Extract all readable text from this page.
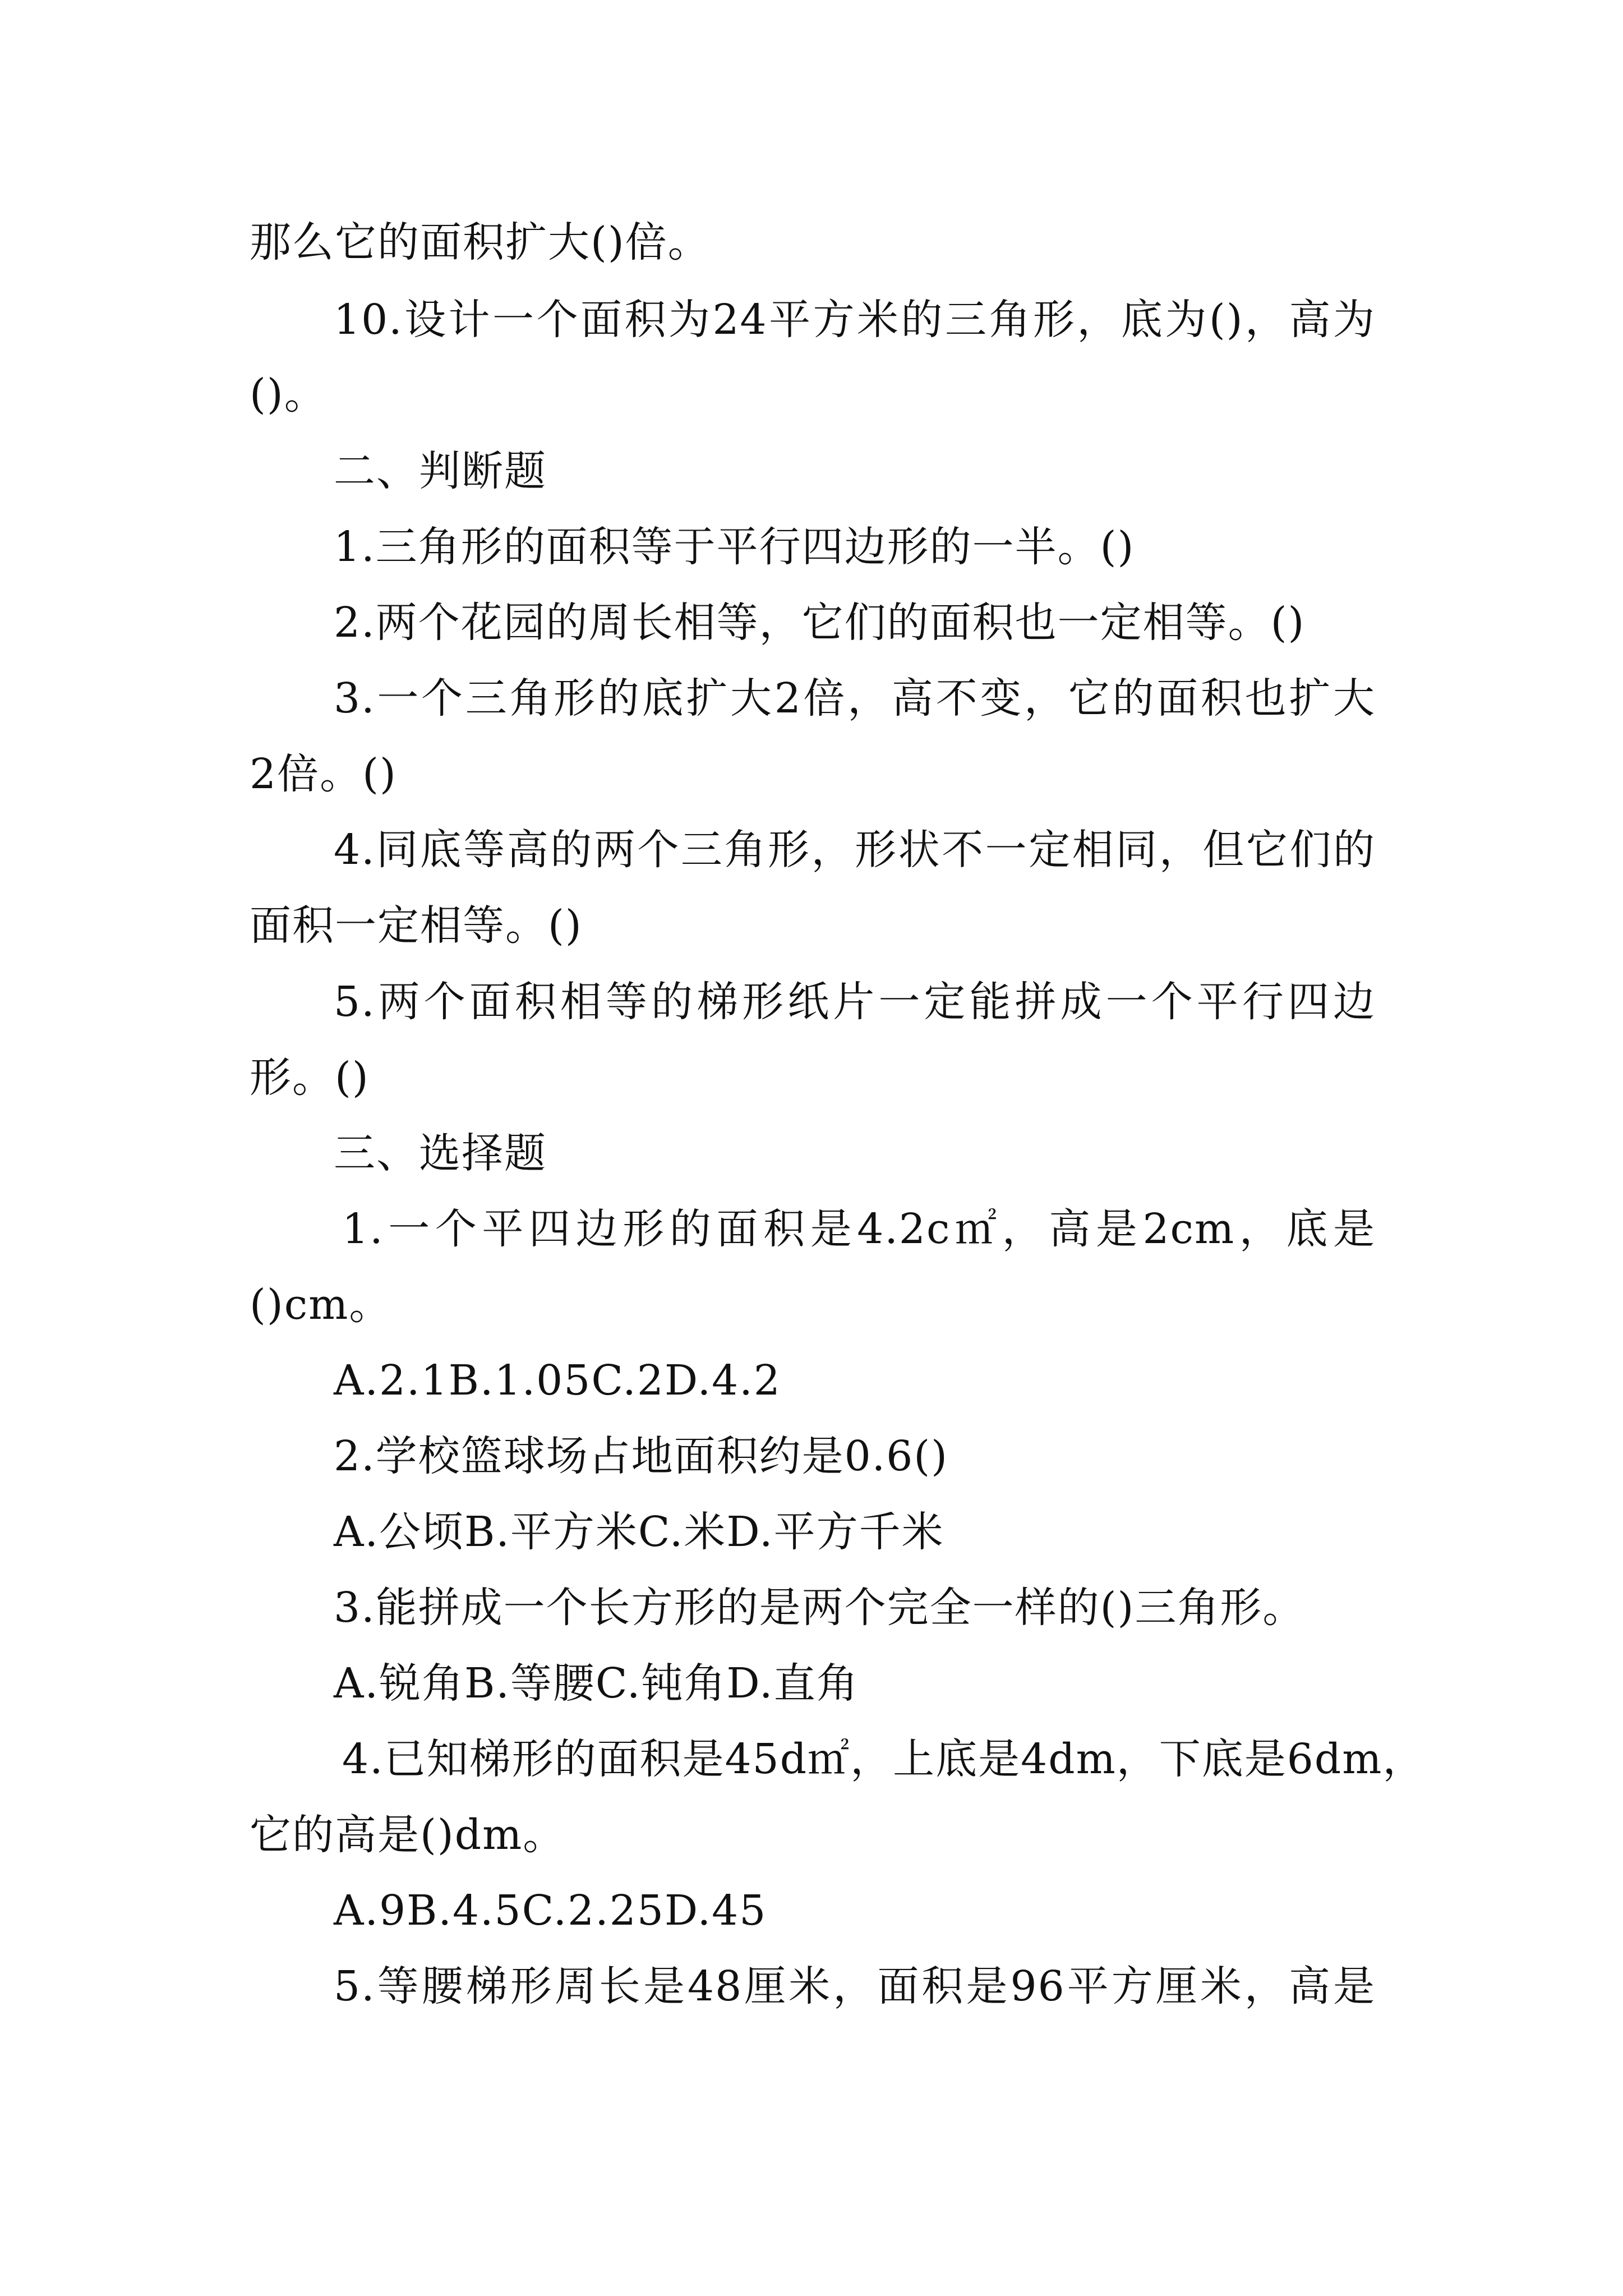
那么它的面积扩大()倍。
10.设计一个面积为24平方米的三角形，底为()，高为
()。
二、判断题
1.三角形的面积等于平行四边形的一半。()
2.两个花园的周长相等，它们的面积也一定相等。()
3.一个三角形的底扩大2倍，高不变，它的面积也扩大
2倍。()
4.同底等高的两个三角形，形状不一定相同，但它们的
面积一定相等。()
5.两个面积相等的梯形纸片一定能拼成一个平行四边
形。()
三、选择题
1.一个平四边形的面积是4.2c㎡，高是2cm，底是
()cm。
A.2.1B.1.05C.2D.4.2
2.学校篮球场占地面积约是0.6()
A.公顷B.平方米C.米D.平方千米
3.能拼成一个长方形的是两个完全一样的()三角形。
A.锐角B.等腰C.钝角D.直角
4.已知梯形的面积是45d㎡，上底是4dm，下底是6dm，
它的高是()dm。
A.9B.4.5C.2.25D.45
5.等腰梯形周长是48厘米，面积是96平方厘米，高是
